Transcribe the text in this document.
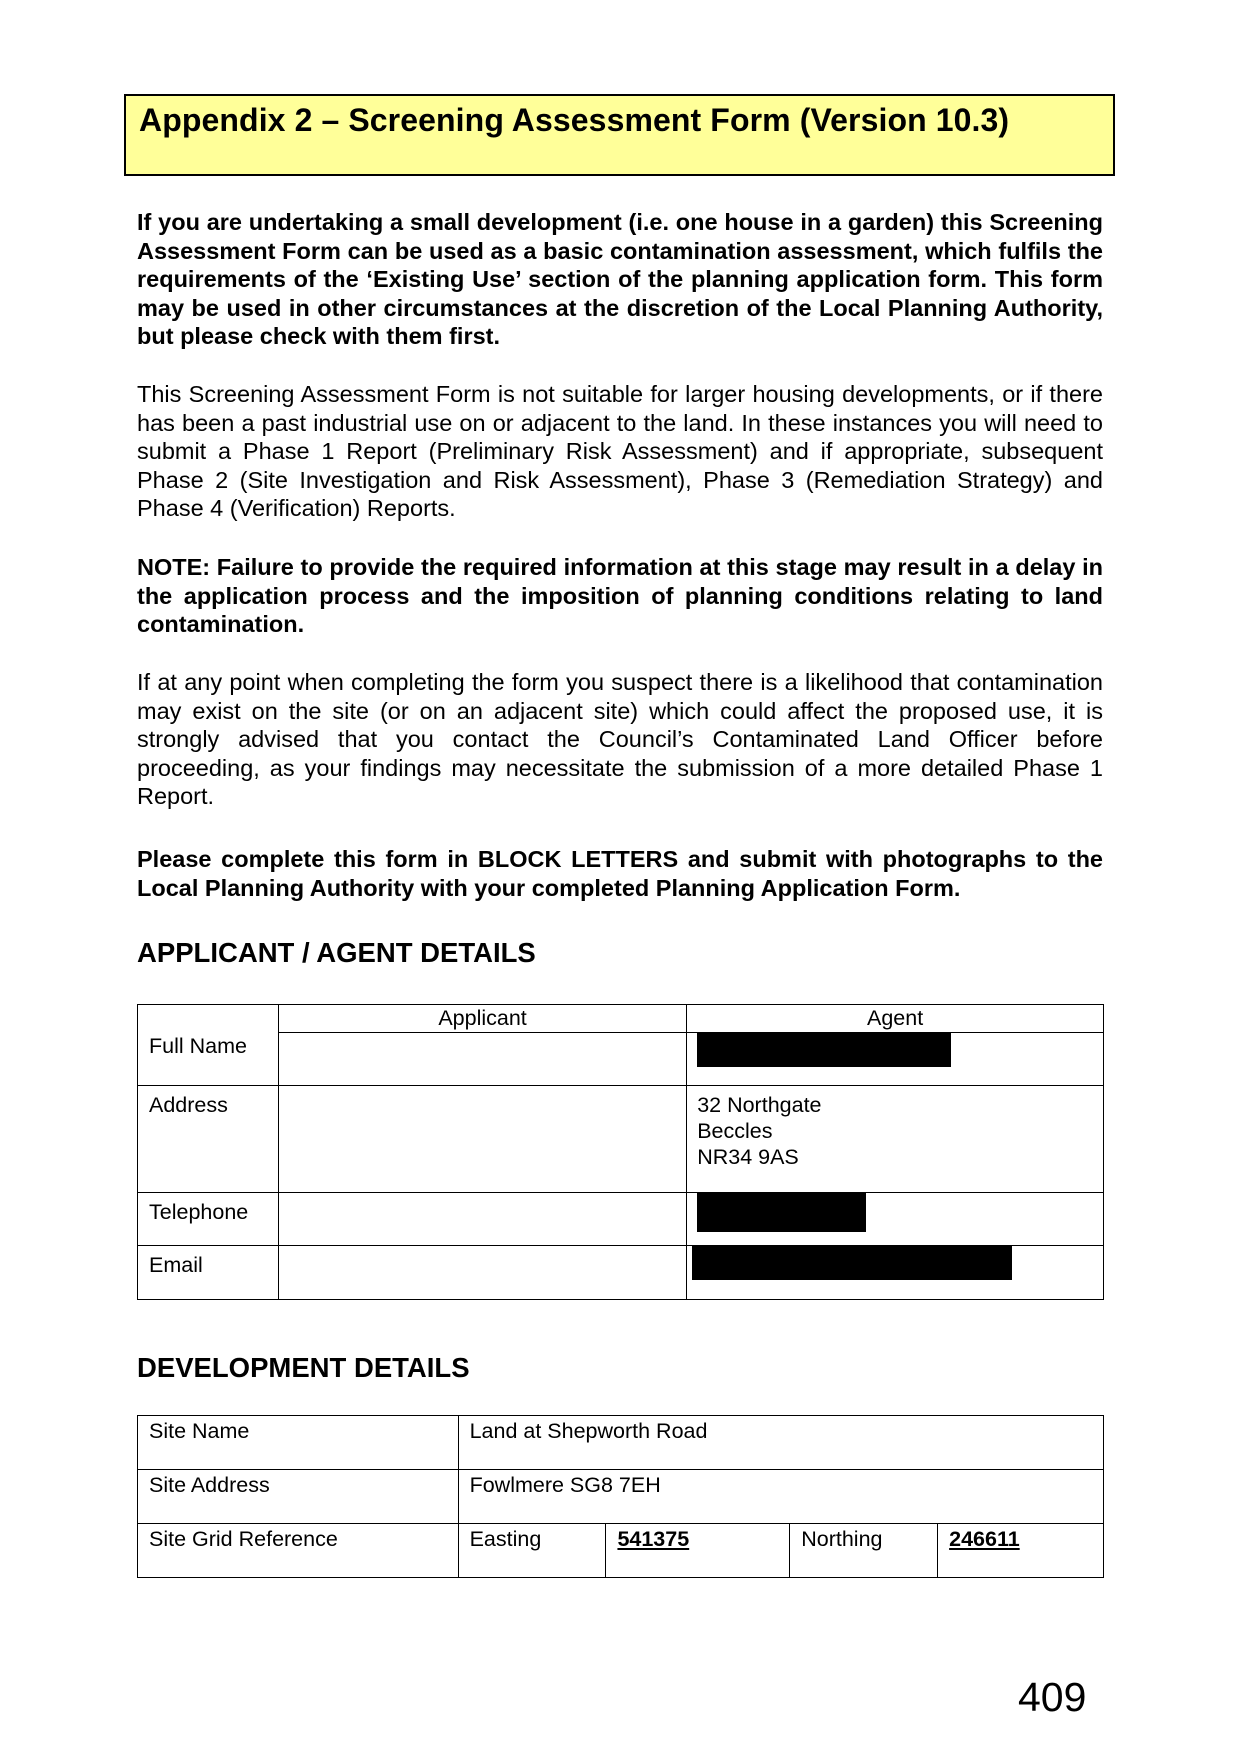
Appendix 2 – Screening Assessment Form (Version 10.3)

If you are undertaking a small development (i.e. one house in a garden) this Screening Assessment Form can be used as a basic contamination assessment, which fulfils the requirements of the ‘Existing Use’ section of the planning application form. This form may be used in other circumstances at the discretion of the Local Planning Authority, but please check with them first.

This Screening Assessment Form is not suitable for larger housing developments, or if there has been a past industrial use on or adjacent to the land. In these instances you will need to submit a Phase 1 Report (Preliminary Risk Assessment) and if appropriate, subsequent Phase 2 (Site Investigation and Risk Assessment), Phase 3 (Remediation Strategy) and Phase 4 (Verification) Reports.

NOTE: Failure to provide the required information at this stage may result in a delay in the application process and the imposition of planning conditions relating to land contamination.

If at any point when completing the form you suspect there is a likelihood that contamination may exist on the site (or on an adjacent site) which could affect the proposed use, it is strongly advised that you contact the Council’s Contaminated Land Officer before proceeding, as your findings may necessitate the submission of a more detailed Phase 1 Report.

Please complete this form in BLOCK LETTERS and submit with photographs to the Local Planning Authority with your completed Planning Application Form.

APPLICANT / AGENT DETAILS
Full Name	Applicant	Agent

Address		32 Northgate
Beccles
NR34 9AS

Telephone		

Email		

DEVELOPMENT DETAILS
Site Name	Land at Shepworth Road			

Site Address	Fowlmere SG8 7EH			

Site Grid Reference	Easting	541375	Northing	246611
409
